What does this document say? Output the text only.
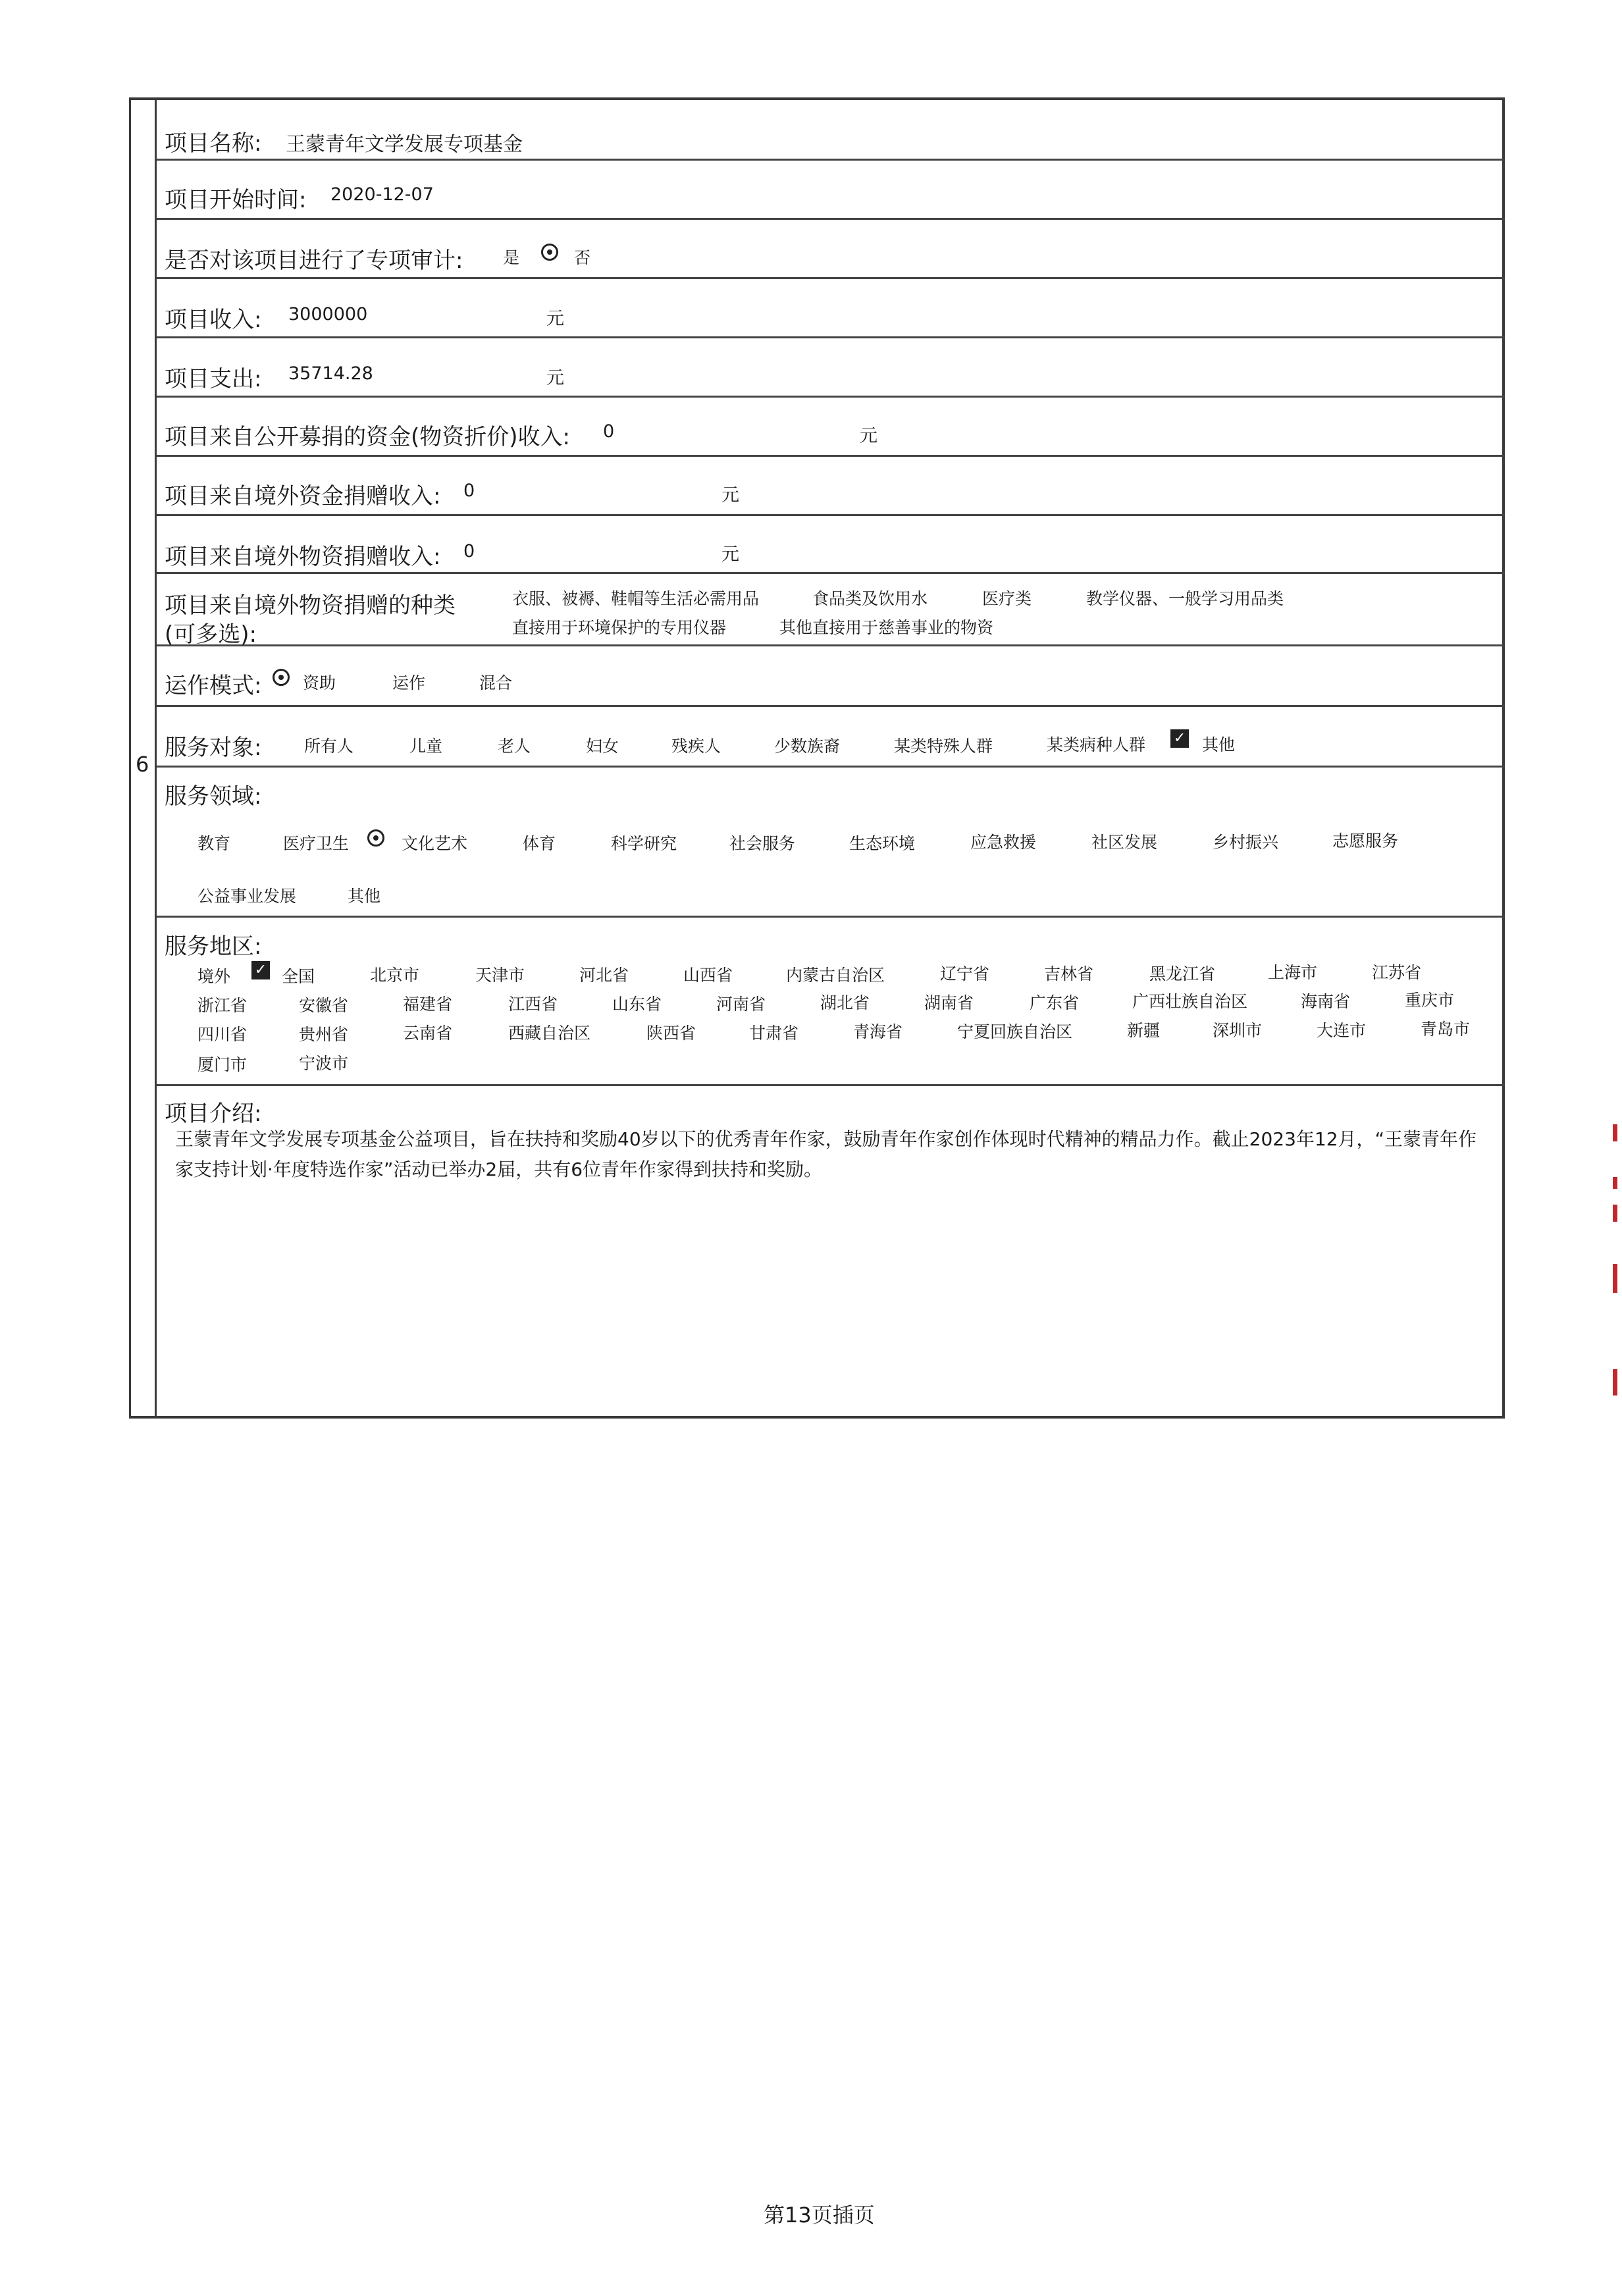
6
项目名称: 王蒙青年文学发展专项基金
项目开始时间: 2020-12-07
是否对该项目进行了专项审计: 是	否
项目收入: 3000000	元
项目支出: 35714.28	元
项目来自公开募捐的资金(物资折价)收入: 0	元
项目来自境外资金捐赠收入: 0	元
项目来自境外物资捐赠收入: 0	元
项目来自境外物资捐赠的种类
(可多选):
衣服、被褥、鞋帽等生活必需用品	食品类及饮用水	医疗类	教学仪器、一般学习用品类
直接用于环境保护的专用仪器	其他直接用于慈善事业的物资
运作模式:	资助	运作	混合
服务对象:	所有人	儿童	老人	妇女	残疾人	少数族裔	某类特殊人群	某类病种人群 ✓ 其他
服务领域:
教育	医疗卫生	文化艺术	体育	科学研究	社会服务	生态环境	应急救援	社区发展	乡村振兴	志愿服务
公益事业发展	其他
服务地区:
境外 ✓ 全国	北京市	天津市	河北省	山西省	内蒙古自治区	辽宁省	吉林省	黑龙江省	上海市	江苏省
浙江省	安徽省	福建省	江西省	山东省	河南省	湖北省	湖南省	广东省	广西壮族自治区	海南省	重庆市
四川省	贵州省	云南省	西藏自治区	陕西省	甘肃省	青海省	宁夏回族自治区	新疆	深圳市	大连市	青岛市
厦门市	宁波市
项目介绍:
王蒙青年文学发展专项基金公益项目，旨在扶持和奖励40岁以下的优秀青年作家，鼓励青年作家创作体现时代精神的精品力作。截止2023年12月，“王蒙青年作家支持计划·年度特选作家”活动已举办2届，共有6位青年作家得到扶持和奖励。
第13页插页
